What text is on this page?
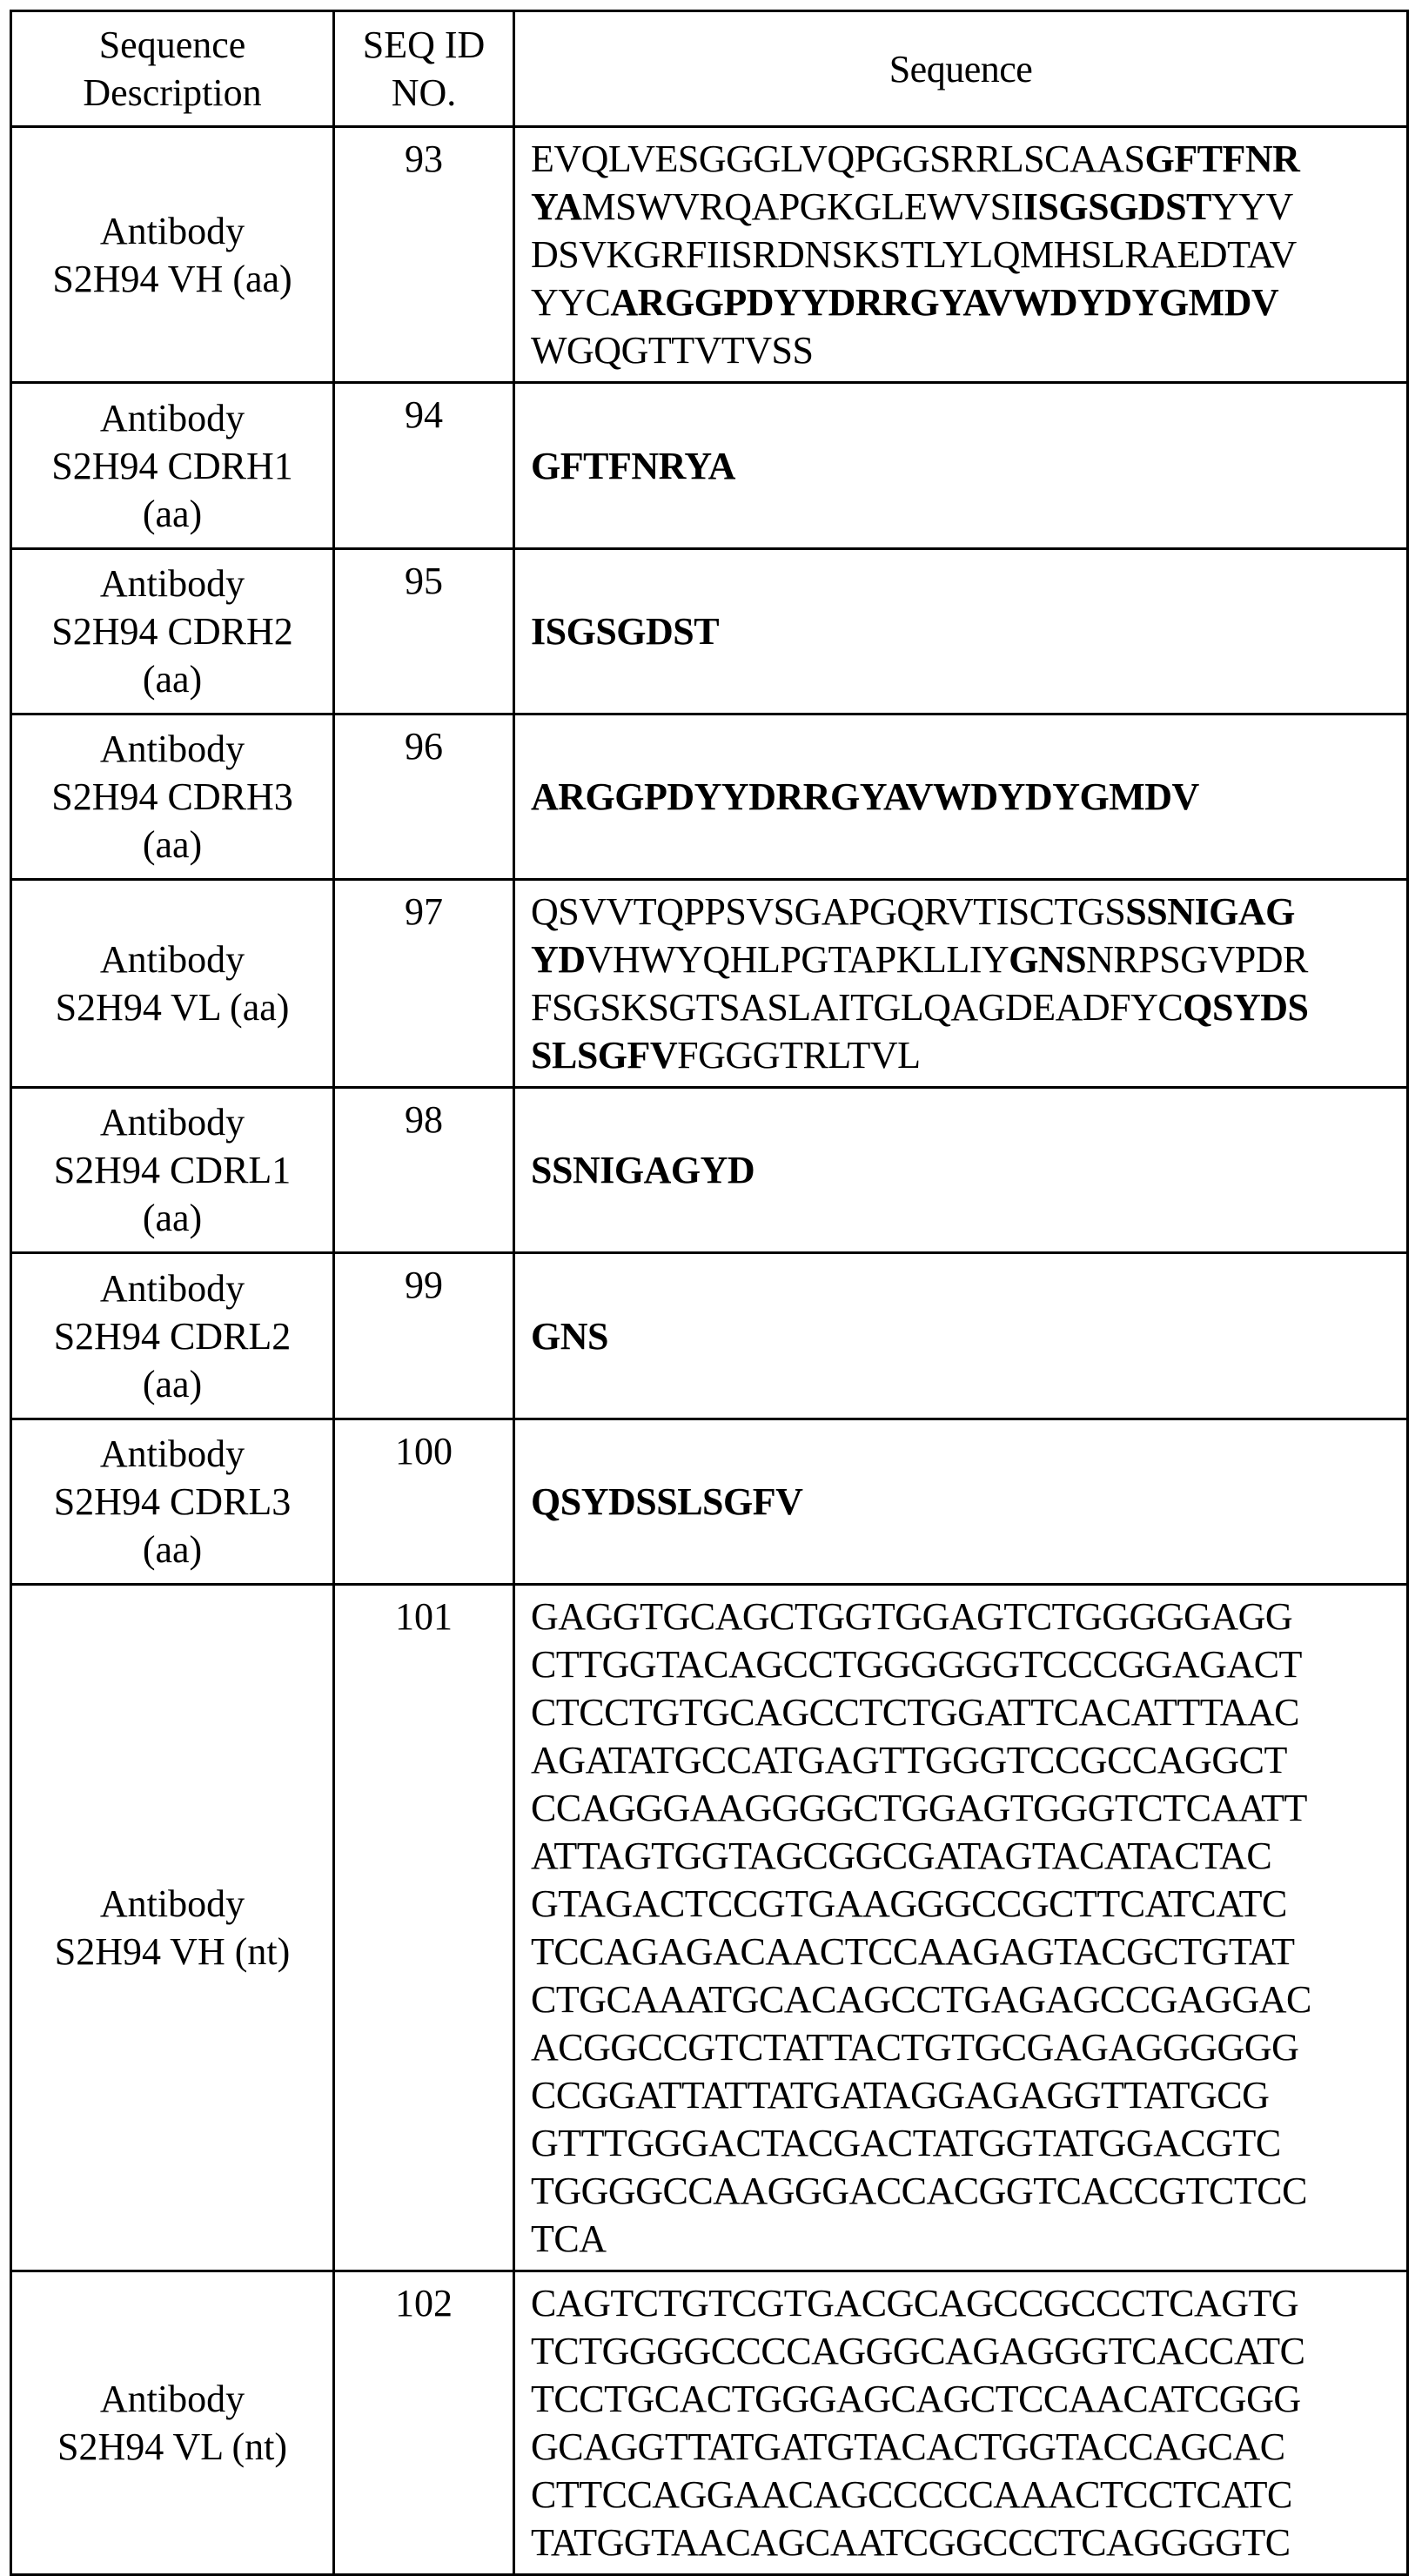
Sequence
Description

SEQ ID
NO.
	Sequence

Antibody
S2H94 VH (aa)
	93	EVQLVESGGGLVQPGGSRRLSCAASGFTFNR
YAMSWVRQAPGKGLEWVSIISGSGDSTYYV
DSVKGRFIISRDNSKSTLYLQMHSLRAEDTAV
YYCARGGPDYYDRRGYAVWDYDYGMDV
WGQGTTVTVSS

Antibody
S2H94 CDRH1
(aa)
	94	
GFTFNRYA

Antibody
S2H94 CDRH2
(aa)
	95	
ISGSGDST

Antibody
S2H94 CDRH3
(aa)
	96	
ARGGPDYYDRRGYAVWDYDYGMDV

Antibody
S2H94 VL (aa)
	97	QSVVTQPPSVSGAPGQRVTISCTGSSSNIGAG
YDVHWYQHLPGTAPKLLIYGNSNRPSGVPDR
FSGSKSGTSASLAITGLQAGDEADFYCQSYDS
SLSGFVFGGGTRLTVL

Antibody
S2H94 CDRL1
(aa)
	98	
SSNIGAGYD

Antibody
S2H94 CDRL2
(aa)
	99	
GNS

Antibody
S2H94 CDRL3
(aa)
	100	
QSYDSSLSGFV

Antibody
S2H94 VH (nt)
	101	GAGGTGCAGCTGGTGGAGTCTGGGGGAGG
CTTGGTACAGCCTGGGGGGTCCCGGAGACT
CTCCTGTGCAGCCTCTGGATTCACATTTAAC
AGATATGCCATGAGTTGGGTCCGCCAGGCT
CCAGGGAAGGGGCTGGAGTGGGTCTCAATT
ATTAGTGGTAGCGGCGATAGTACATACTAC
GTAGACTCCGTGAAGGGCCGCTTCATCATC
TCCAGAGACAACTCCAAGAGTACGCTGTAT
CTGCAAATGCACAGCCTGAGAGCCGAGGAC
ACGGCCGTCTATTACTGTGCGAGAGGGGGG
CCGGATTATTATGATAGGAGAGGTTATGCG
GTTTGGGACTACGACTATGGTATGGACGTC
TGGGGCCAAGGGACCACGGTCACCGTCTCC
TCA

Antibody
S2H94 VL (nt)
	102	CAGTCTGTCGTGACGCAGCCGCCCTCAGTG
TCTGGGGCCCCAGGGCAGAGGGTCACCATC
TCCTGCACTGGGAGCAGCTCCAACATCGGG
GCAGGTTATGATGTACACTGGTACCAGCAC
CTTCCAGGAACAGCCCCCAAACTCCTCATC
TATGGTAACAGCAATCGGCCCTCAGGGGTC
